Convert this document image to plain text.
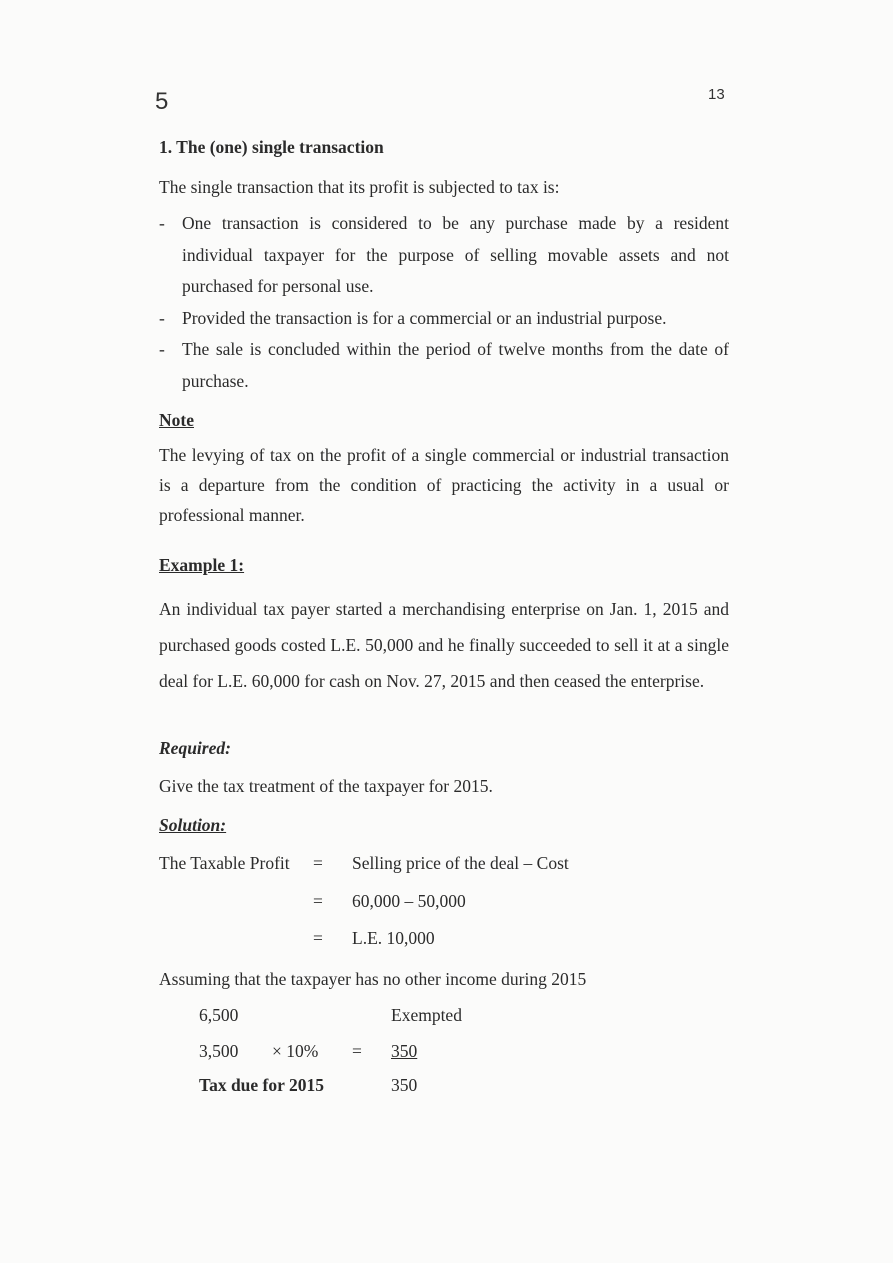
5	13
1. The (one) single transaction
The single transaction that its profit is subjected to tax is:
- One transaction is considered to be any purchase made by a resident individual taxpayer for the purpose of selling movable assets and not purchased for personal use.
- Provided the transaction is for a commercial or an industrial purpose.
- The sale is concluded within the period of twelve months from the date of purchase.
Note
The levying of tax on the profit of a single commercial or industrial transaction is a departure from the condition of practicing the activity in a usual or professional manner.
Example 1:
An individual tax payer started a merchandising enterprise on Jan. 1, 2015 and purchased goods costed L.E. 50,000 and he finally succeeded to sell it at a single deal for L.E. 60,000 for cash on Nov. 27, 2015 and then ceased the enterprise.
Required:
Give the tax treatment of the taxpayer for 2015.
Solution:
The Taxable Profit = Selling price of the deal – Cost
= 60,000 – 50,000
= L.E. 10,000
Assuming that the taxpayer has no other income during 2015
6,500	Exempted
3,500 × 10% = 350
Tax due for 2015	350
